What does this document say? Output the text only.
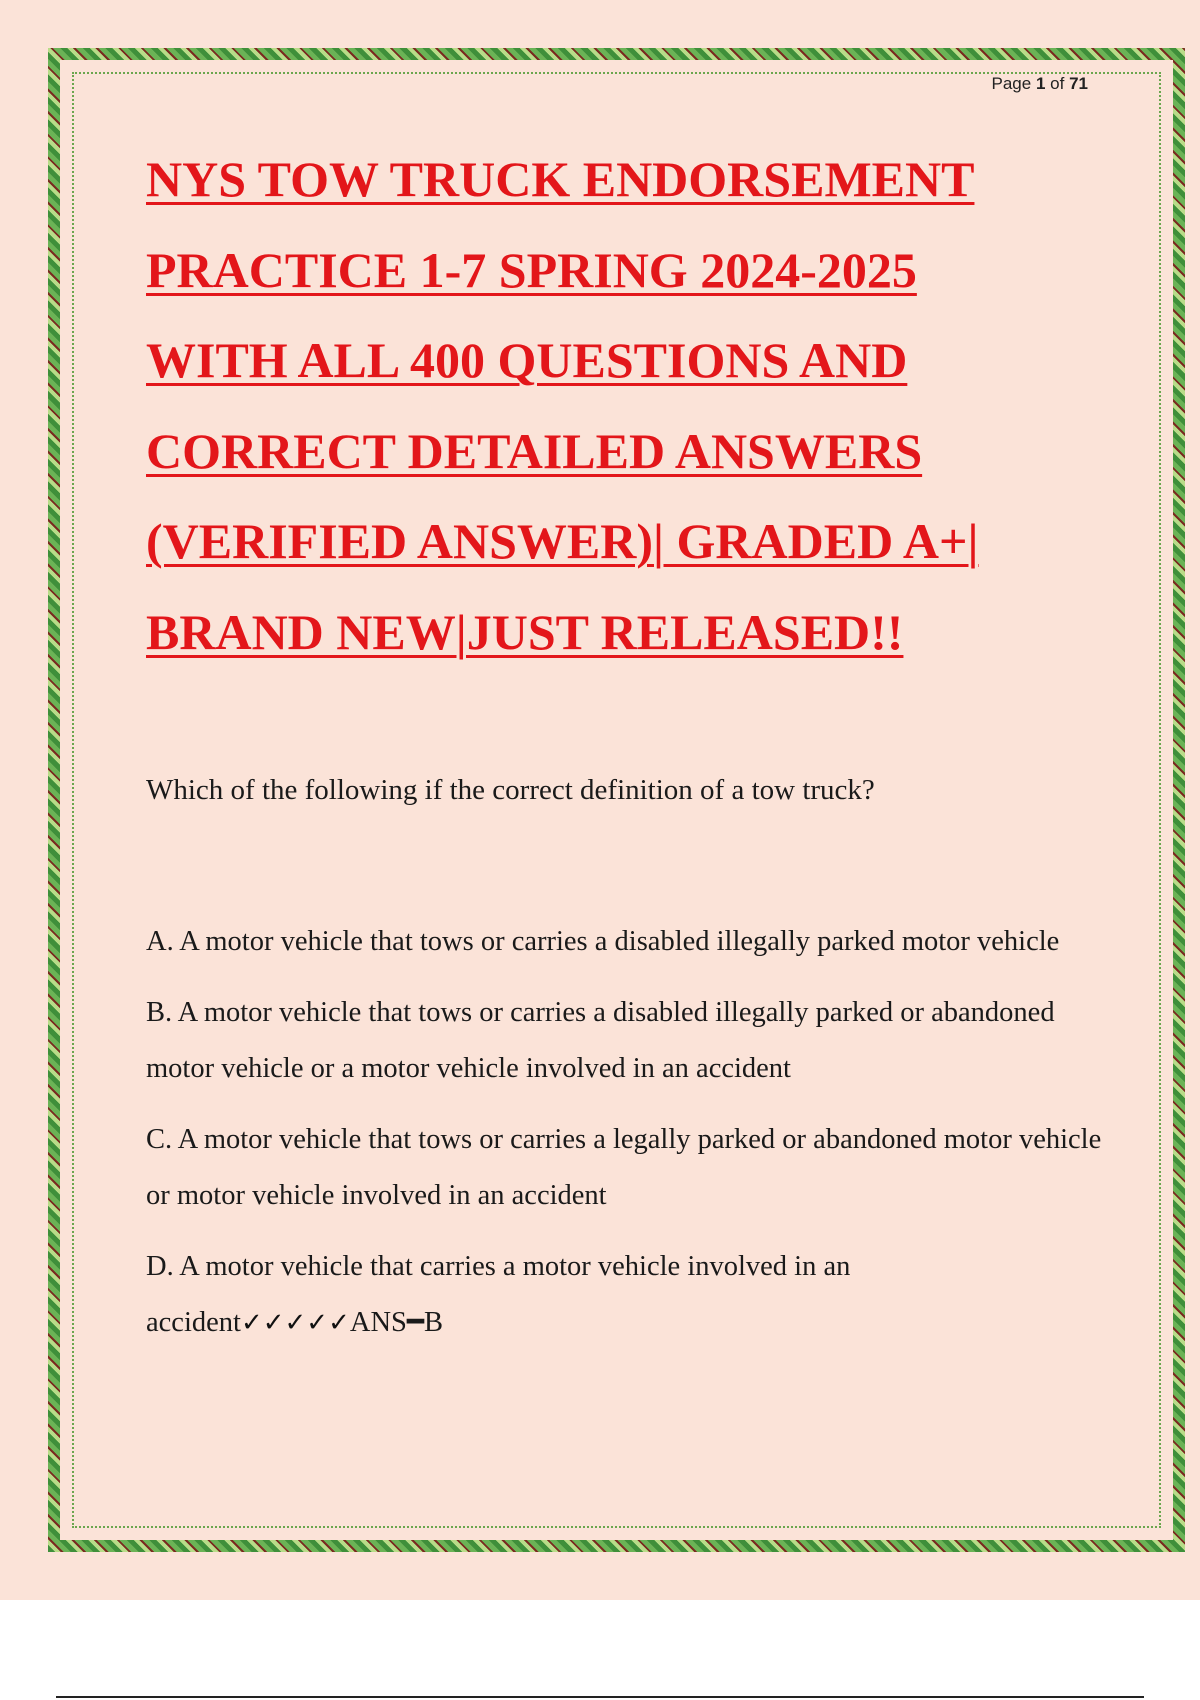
Page 1 of 71
NYS TOW TRUCK ENDORSEMENT
PRACTICE 1-7 SPRING 2024-2025
WITH ALL 400 QUESTIONS AND
CORRECT DETAILED ANSWERS
(VERIFIED ANSWER)| GRADED A+|
BRAND NEW|JUST RELEASED!!
Which of the following if the correct definition of a tow truck?
A. A motor vehicle that tows or carries a disabled illegally parked motor vehicle
B. A motor vehicle that tows or carries a disabled illegally parked or abandoned motor vehicle or a motor vehicle involved in an accident
C. A motor vehicle that tows or carries a legally parked or abandoned motor vehicle or motor vehicle involved in an accident
D. A motor vehicle that carries a motor vehicle involved in an accident✓✓✓✓✓ANS━B
